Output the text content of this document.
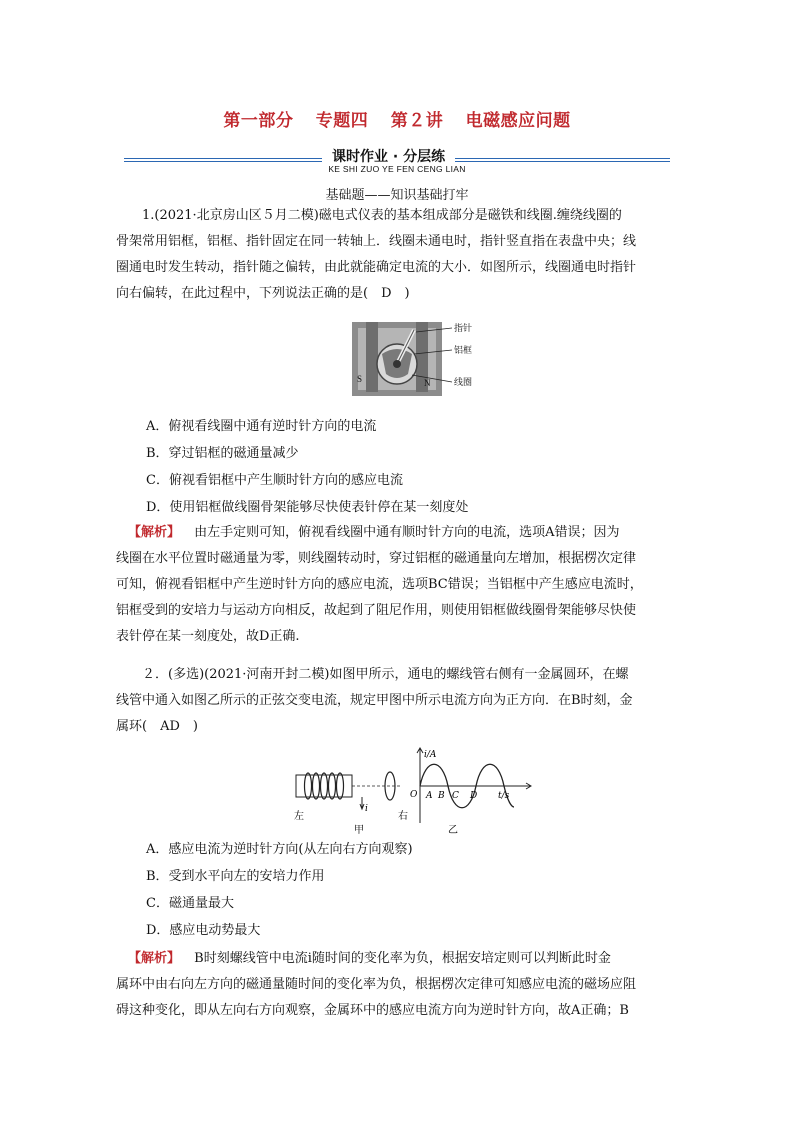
第一部分 专题四 第２讲 电磁感应问题
课时作业 · 分层练
KE SHI ZUO YE FEN CENG LIAN
基础题——知识基础打牢
1.(2021·北京房山区５月二模)磁电式仪表的基本组成部分是磁铁和线圈.缠绕线圈的

骨架常用铝框，铝框、指针固定在同一转轴上．线圈未通电时，指针竖直指在表盘中央；线
圈通电时发生转动，指针随之偏转，由此就能确定电流的大小．如图所示，线圈通电时指针
向右偏转，在此过程中，下列说法正确的是(　D　)
S	N
指针
铝框
线圈
A．俯视看线圈中通有逆时针方向的电流
B．穿过铝框的磁通量减少
C．俯视看铝框中产生顺时针方向的感应电流
D．使用铝框做线圈骨架能够尽快使表针停在某一刻度处
【解析】 由左手定则可知，俯视看线圈中通有顺时针方向的电流，选项A错误；因为
线圈在水平位置时磁通量为零，则线圈转动时，穿过铝框的磁通量向左增加，根据楞次定律
可知，俯视看铝框中产生逆时针方向的感应电流，选项BC错误；当铝框中产生感应电流时，
铝框受到的安培力与运动方向相反，故起到了阻尼作用，则使用铝框做线圈骨架能够尽快使
表针停在某一刻度处，故D正确.
２．(多选)(2021·河南开封二模)如图甲所示，通电的螺线管右侧有一金属圆环，在螺
线管中通入如图乙所示的正弦交变电流，规定甲图中所示电流方向为正方向．在B时刻，金
属环(　AD　)
i
左	右
甲
i/A
O A B C D t/s
乙
A．感应电流为逆时针方向(从左向右方向观察)
B．受到水平向左的安培力作用
C．磁通量最大
D．感应电动势最大
【解析】 B时刻螺线管中电流i随时间的变化率为负，根据安培定则可以判断此时金
属环中由右向左方向的磁通量随时间的变化率为负，根据楞次定律可知感应电流的磁场应阻
碍这种变化，即从左向右方向观察，金属环中的感应电流方向为逆时针方向，故A正确；B
